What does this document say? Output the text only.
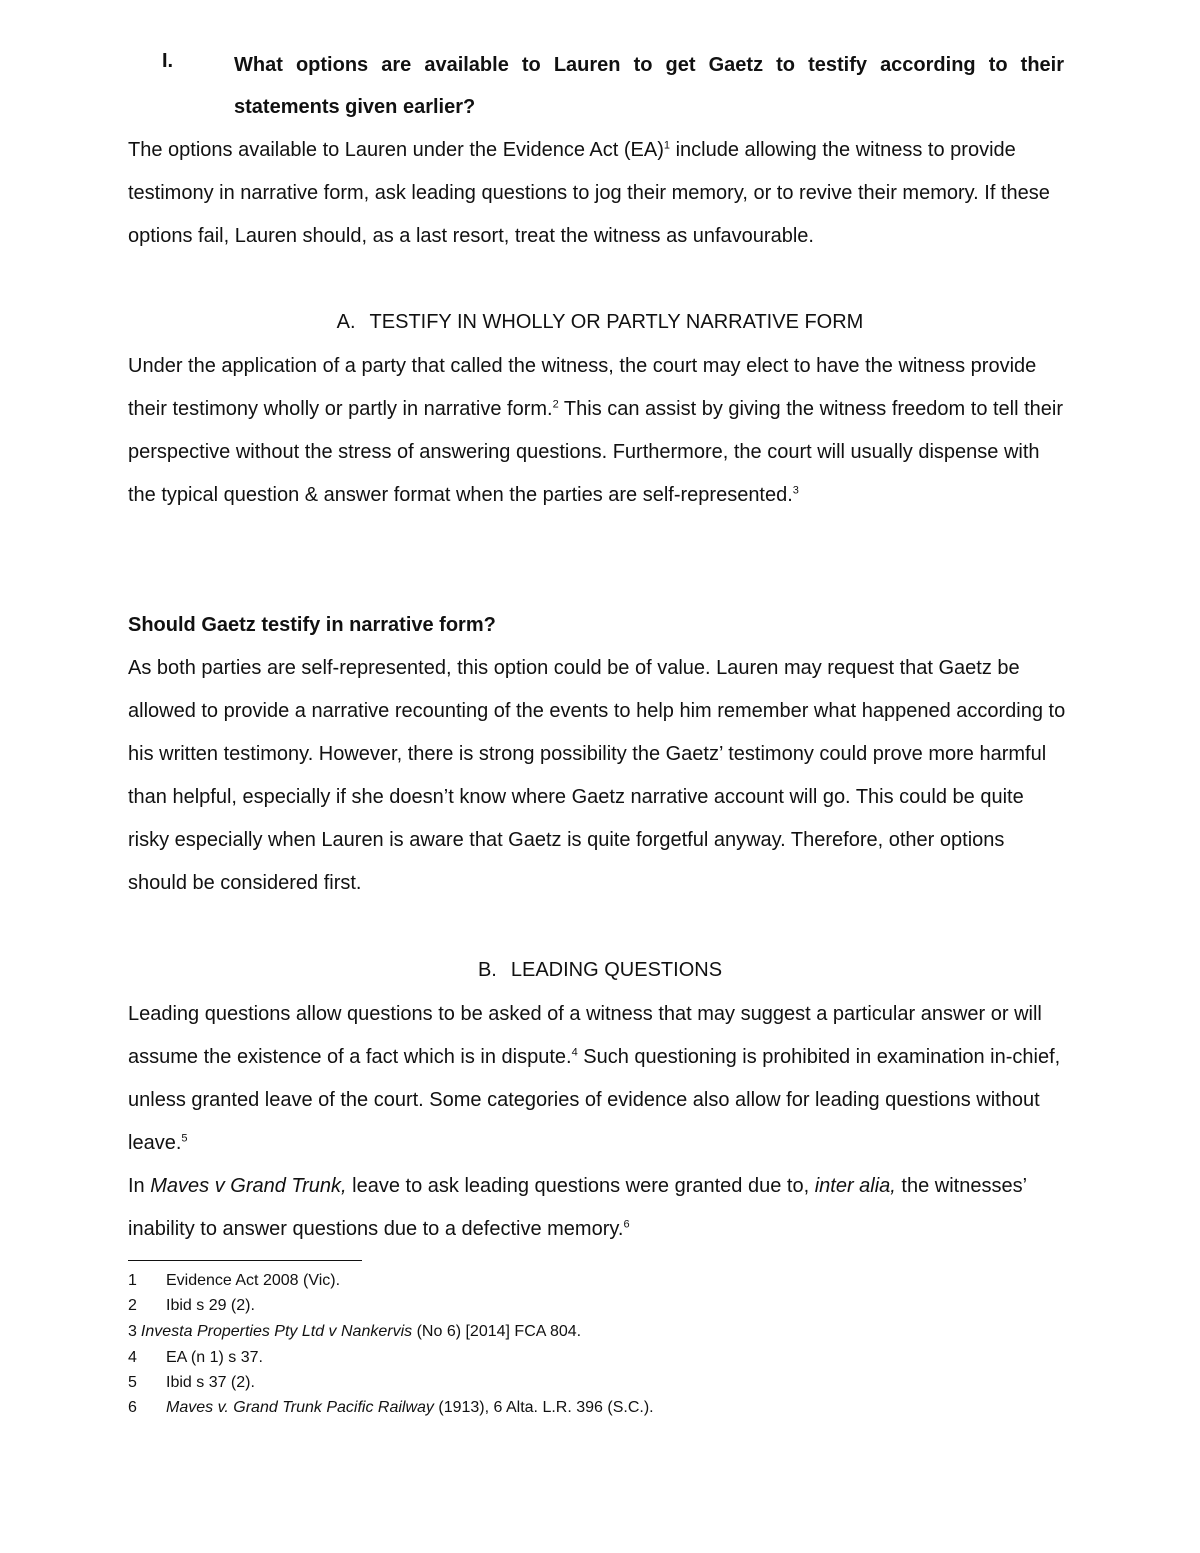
I.	What options are available to Lauren to get Gaetz to testify according to their
statements given earlier?

The options available to Lauren under the Evidence Act (EA)$^1$ include allowing the witness to provide testimony in narrative form, ask leading questions to jog their memory, or to revive their memory. If these options fail, Lauren should, as a last resort, treat the witness as unfavourable.

A. TESTIFY IN WHOLLY OR PARTLY NARRATIVE FORM

Under the application of a party that called the witness, the court may elect to have the witness provide their testimony wholly or partly in narrative form.$^2$ This can assist by giving the witness freedom to tell their perspective without the stress of answering questions. Furthermore, the court will usually dispense with the typical question & answer format when the parties are self-represented.$^3$

Should Gaetz testify in narrative form?

As both parties are self-represented, this option could be of value. Lauren may request that Gaetz be allowed to provide a narrative recounting of the events to help him remember what happened according to his written testimony. However, there is strong possibility the Gaetz’ testimony could prove more harmful than helpful, especially if she doesn’t know where Gaetz narrative account will go. This could be quite risky especially when Lauren is aware that Gaetz is quite forgetful anyway. Therefore, other options should be considered first.

B. LEADING QUESTIONS

Leading questions allow questions to be asked of a witness that may suggest a particular answer or will assume the existence of a fact which is in dispute.$^4$ Such questioning is prohibited in examination in-chief, unless granted leave of the court. Some categories of evidence also allow for leading questions without leave.$^5$

In Maves v Grand Trunk, leave to ask leading questions were granted due to, inter alia, the witnesses’ inability to answer questions due to a defective memory.$^6$

1 Evidence Act 2008 (Vic).
2 Ibid s 29 (2).
3 Investa Properties Pty Ltd v Nankervis (No 6) [2014] FCA 804.
4 EA (n 1) s 37.
5 Ibid s 37 (2).
6 Maves v. Grand Trunk Pacific Railway (1913), 6 Alta. L.R. 396 (S.C.).
